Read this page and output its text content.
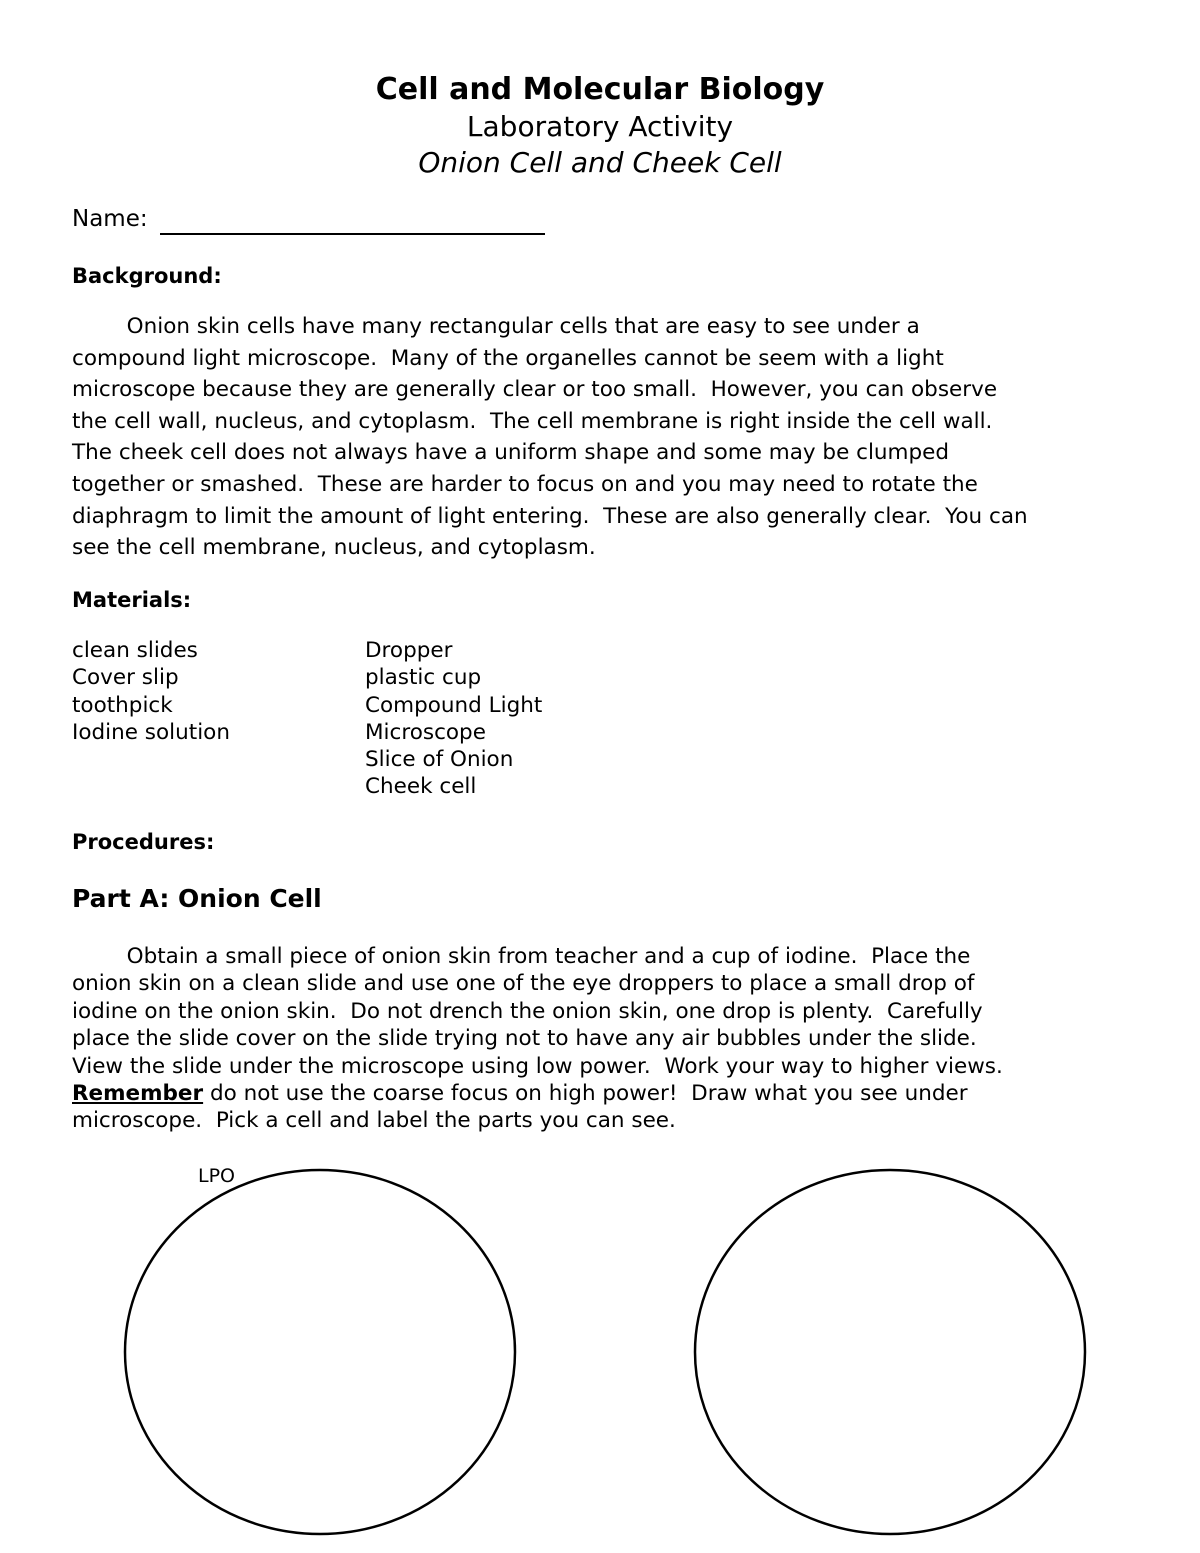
Cell and Molecular Biology
Laboratory Activity
Onion Cell and Cheek Cell
Name:
Background:
Onion skin cells have many rectangular cells that are easy to see under a
compound light microscope.  Many of the organelles cannot be seem with a light
microscope because they are generally clear or too small.  However, you can observe
the cell wall, nucleus, and cytoplasm.  The cell membrane is right inside the cell wall.
The cheek cell does not always have a uniform shape and some may be clumped
together or smashed.  These are harder to focus on and you may need to rotate the
diaphragm to limit the amount of light entering.  These are also generally clear.  You can
see the cell membrane, nucleus, and cytoplasm.
Materials:
clean slides
Cover slip
toothpick
Iodine solution
Dropper
plastic cup
Compound Light
Microscope
Slice of Onion
Cheek cell
Procedures:
Part A: Onion Cell
Obtain a small piece of onion skin from teacher and a cup of iodine.  Place the
onion skin on a clean slide and use one of the eye droppers to place a small drop of
iodine on the onion skin.  Do not drench the onion skin, one drop is plenty.  Carefully
place the slide cover on the slide trying not to have any air bubbles under the slide.
View the slide under the microscope using low power.  Work your way to higher views.
Remember do not use the coarse focus on high power!  Draw what you see under
microscope.  Pick a cell and label the parts you can see.
LPO
